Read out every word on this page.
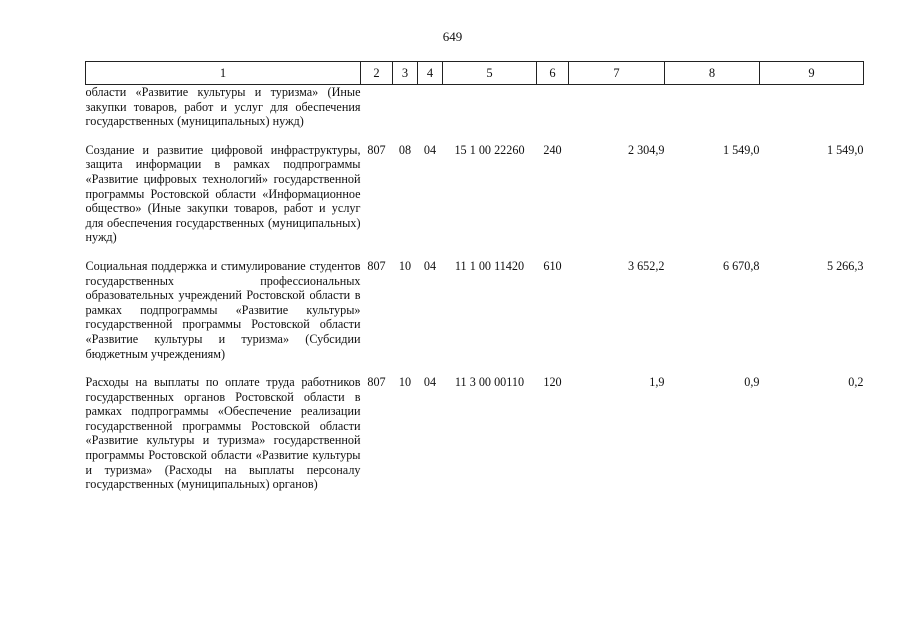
649
1	2	3	4	5	6	7	8	9
области «Развитие культуры и туризма» (Иные закупки товаров, работ и услуг для обеспечения государственных (муниципальных) нужд)								
Создание и развитие цифровой инфраструктуры, защита информации в рамках подпрограммы «Развитие цифровых технологий» государственной программы Ростовской области «Информационное общество» (Иные закупки товаров, работ и услуг для обеспечения государственных (муниципальных) нужд)	807	08	04	15 1 00 22260	240	2 304,9	1 549,0	1 549,0
Социальная поддержка и стимулирование студентов государственных профессиональных образовательных учреждений Ростовской области в рамках подпрограммы «Развитие культуры» государственной программы Ростовской области «Развитие культуры и туризма» (Субсидии бюджетным учреждениям)	807	10	04	11 1 00 11420	610	3 652,2	6 670,8	5 266,3
Расходы на выплаты по оплате труда работников государственных органов Ростовской области в рамках подпрограммы «Обеспечение реализации государственной программы Ростовской области «Развитие культуры и туризма» государственной программы Ростовской области «Развитие культуры и туризма» (Расходы на выплаты персоналу государственных (муниципальных) органов)	807	10	04	11 3 00 00110	120	1,9	0,9	0,2
